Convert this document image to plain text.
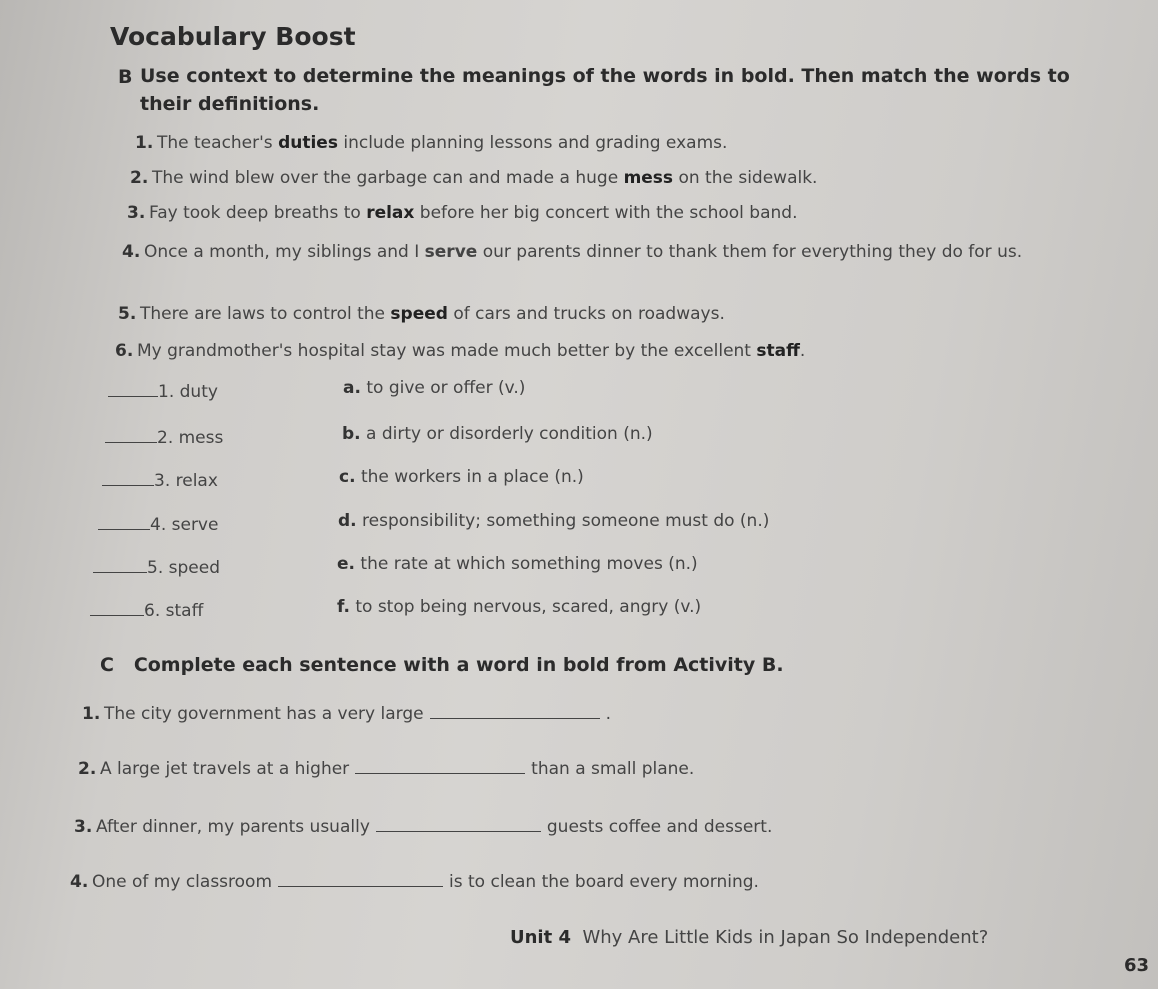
Vocabulary Boost
B Use context to determine the meanings of the words in bold. Then match the words to their definitions.
1. The teacher's duties include planning lessons and grading exams.
2. The wind blew over the garbage can and made a huge mess on the sidewalk.
3. Fay took deep breaths to relax before her big concert with the school band.
4. Once a month, my siblings and I serve our parents dinner to thank them for everything they do for us.
5. There are laws to control the speed of cars and trucks on roadways.
6. My grandmother's hospital stay was made much better by the excellent staff.
1. duty	a. to give or offer (v.)
2. mess	b. a dirty or disorderly condition (n.)
3. relax	c. the workers in a place (n.)
4. serve	d. responsibility; something someone must do (n.)
5. speed	e. the rate at which something moves (n.)
6. staff	f. to stop being nervous, scared, angry (v.)
C Complete each sentence with a word in bold from Activity B.
1. The city government has a very large	.
2. A large jet travels at a higher	than a small plane.
3. After dinner, my parents usually	guests coffee and dessert.
4. One of my classroom	is to clean the board every morning.
Unit 4 Why Are Little Kids in Japan So Independent?
63
